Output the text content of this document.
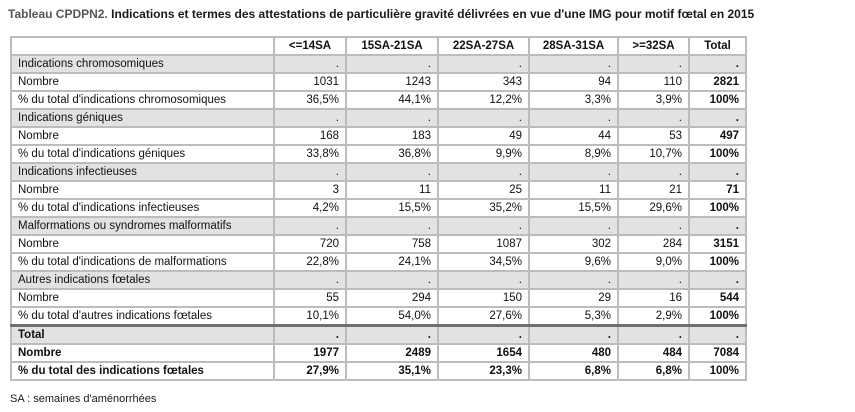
Tableau CPDPN2. Indications et termes des attestations de particulière gravité délivrées en vue d'une IMG pour motif fœtal en 2015
	<=14SA	15SA-21SA	22SA-27SA	28SA-31SA	>=32SA	Total
Indications chromosomiques	.	.	.	.	.	.
Nombre	1031	1243	343	94	110	2821
% du total d'indications chromosomiques	36,5%	44,1%	12,2%	3,3%	3,9%	100%
Indications géniques	.	.	.	.	.	.
Nombre	168	183	49	44	53	497
% du total d'indications géniques	33,8%	36,8%	9,9%	8,9%	10,7%	100%
Indications infectieuses	.	.	.	.	.	.
Nombre	3	11	25	11	21	71
% du total d'indications infectieuses	4,2%	15,5%	35,2%	15,5%	29,6%	100%
Malformations ou syndromes malformatifs	.	.	.	.	.	.
Nombre	720	758	1087	302	284	3151
% du total d'indications de malformations	22,8%	24,1%	34,5%	9,6%	9,0%	100%
Autres indications fœtales	.	.	.	.	.	.
Nombre	55	294	150	29	16	544
% du total d'autres indications fœtales	10,1%	54,0%	27,6%	5,3%	2,9%	100%
Total	.	.	.	.	.	.
Nombre	1977	2489	1654	480	484	7084
% du total des indications fœtales	27,9%	35,1%	23,3%	6,8%	6,8%	100%
SA : semaines d'aménorrhées
